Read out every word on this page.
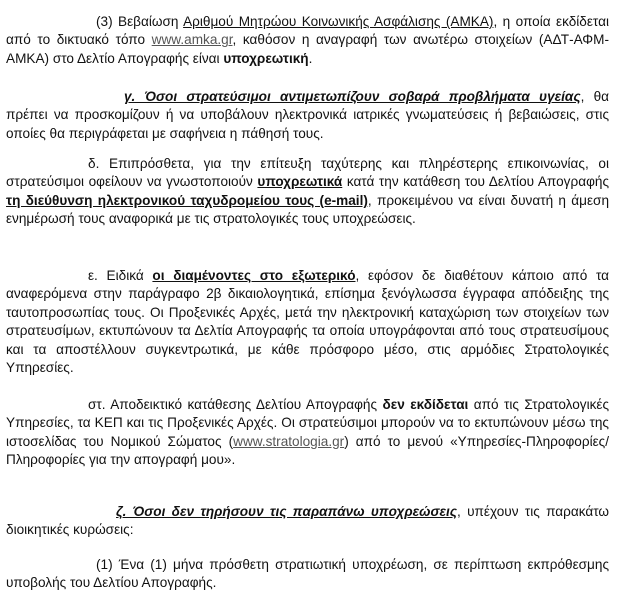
(3) Βεβαίωση Αριθμού Μητρώου Κοινωνικής Ασφάλισης (ΑΜΚΑ), η οποία εκδίδεται από το δικτυακό τόπο www.amka.gr, καθόσον η αναγραφή των ανωτέρω στοιχείων (ΑΔΤ-ΑΦΜ-ΑΜΚΑ) στο Δελτίο Απογραφής είναι υποχρεωτική.

γ. Όσοι στρατεύσιμοι αντιμετωπίζουν σοβαρά προβλήματα υγείας, θα πρέπει να προσκομίζουν ή να υποβάλουν ηλεκτρονικά ιατρικές γνωματεύσεις ή βεβαιώσεις, στις οποίες θα περιγράφεται με σαφήνεια η πάθησή τους.

δ. Επιπρόσθετα, για την επίτευξη ταχύτερης και πληρέστερης επικοινωνίας, οι στρατεύσιμοι οφείλουν να γνωστοποιούν υποχρεωτικά κατά την κατάθεση του Δελτίου Απογραφής τη διεύθυνση ηλεκτρονικού ταχυδρομείου τους (e-mail), προκειμένου να είναι δυνατή η άμεση ενημέρωσή τους αναφορικά με τις στρατολογικές τους υποχρεώσεις.

ε. Ειδικά οι διαμένοντες στο εξωτερικό, εφόσον δε διαθέτουν κάποιο από τα αναφερόμενα στην παράγραφο 2β δικαιολογητικά, επίσημα ξενόγλωσσα έγγραφα απόδειξης της ταυτοπροσωπίας τους. Οι Προξενικές Αρχές, μετά την ηλεκτρονική καταχώριση των στοιχείων των στρατευσίμων, εκτυπώνουν τα Δελτία Απογραφής τα οποία υπογράφονται από τους στρατευσίμους και τα αποστέλλουν συγκεντρωτικά, με κάθε πρόσφορο μέσο, στις αρμόδιες Στρατολογικές Υπηρεσίες.

στ. Αποδεικτικό κατάθεσης Δελτίου Απογραφής δεν εκδίδεται από τις Στρατολογικές Υπηρεσίες, τα ΚΕΠ και τις Προξενικές Αρχές. Οι στρατεύσιμοι μπορούν να το εκτυπώνουν μέσω της ιστοσελίδας του Νομικού Σώματος (www.stratologia.gr) από το μενού «Υπηρεσίες-Πληροφορίες/Πληροφορίες για την απογραφή μου».

ζ. Όσοι δεν τηρήσουν τις παραπάνω υποχρεώσεις, υπέχουν τις παρακάτω διοικητικές κυρώσεις:

(1) Ένα (1) μήνα πρόσθετη στρατιωτική υποχρέωση, σε περίπτωση εκπρόθεσμης υποβολής του Δελτίου Απογραφής.
